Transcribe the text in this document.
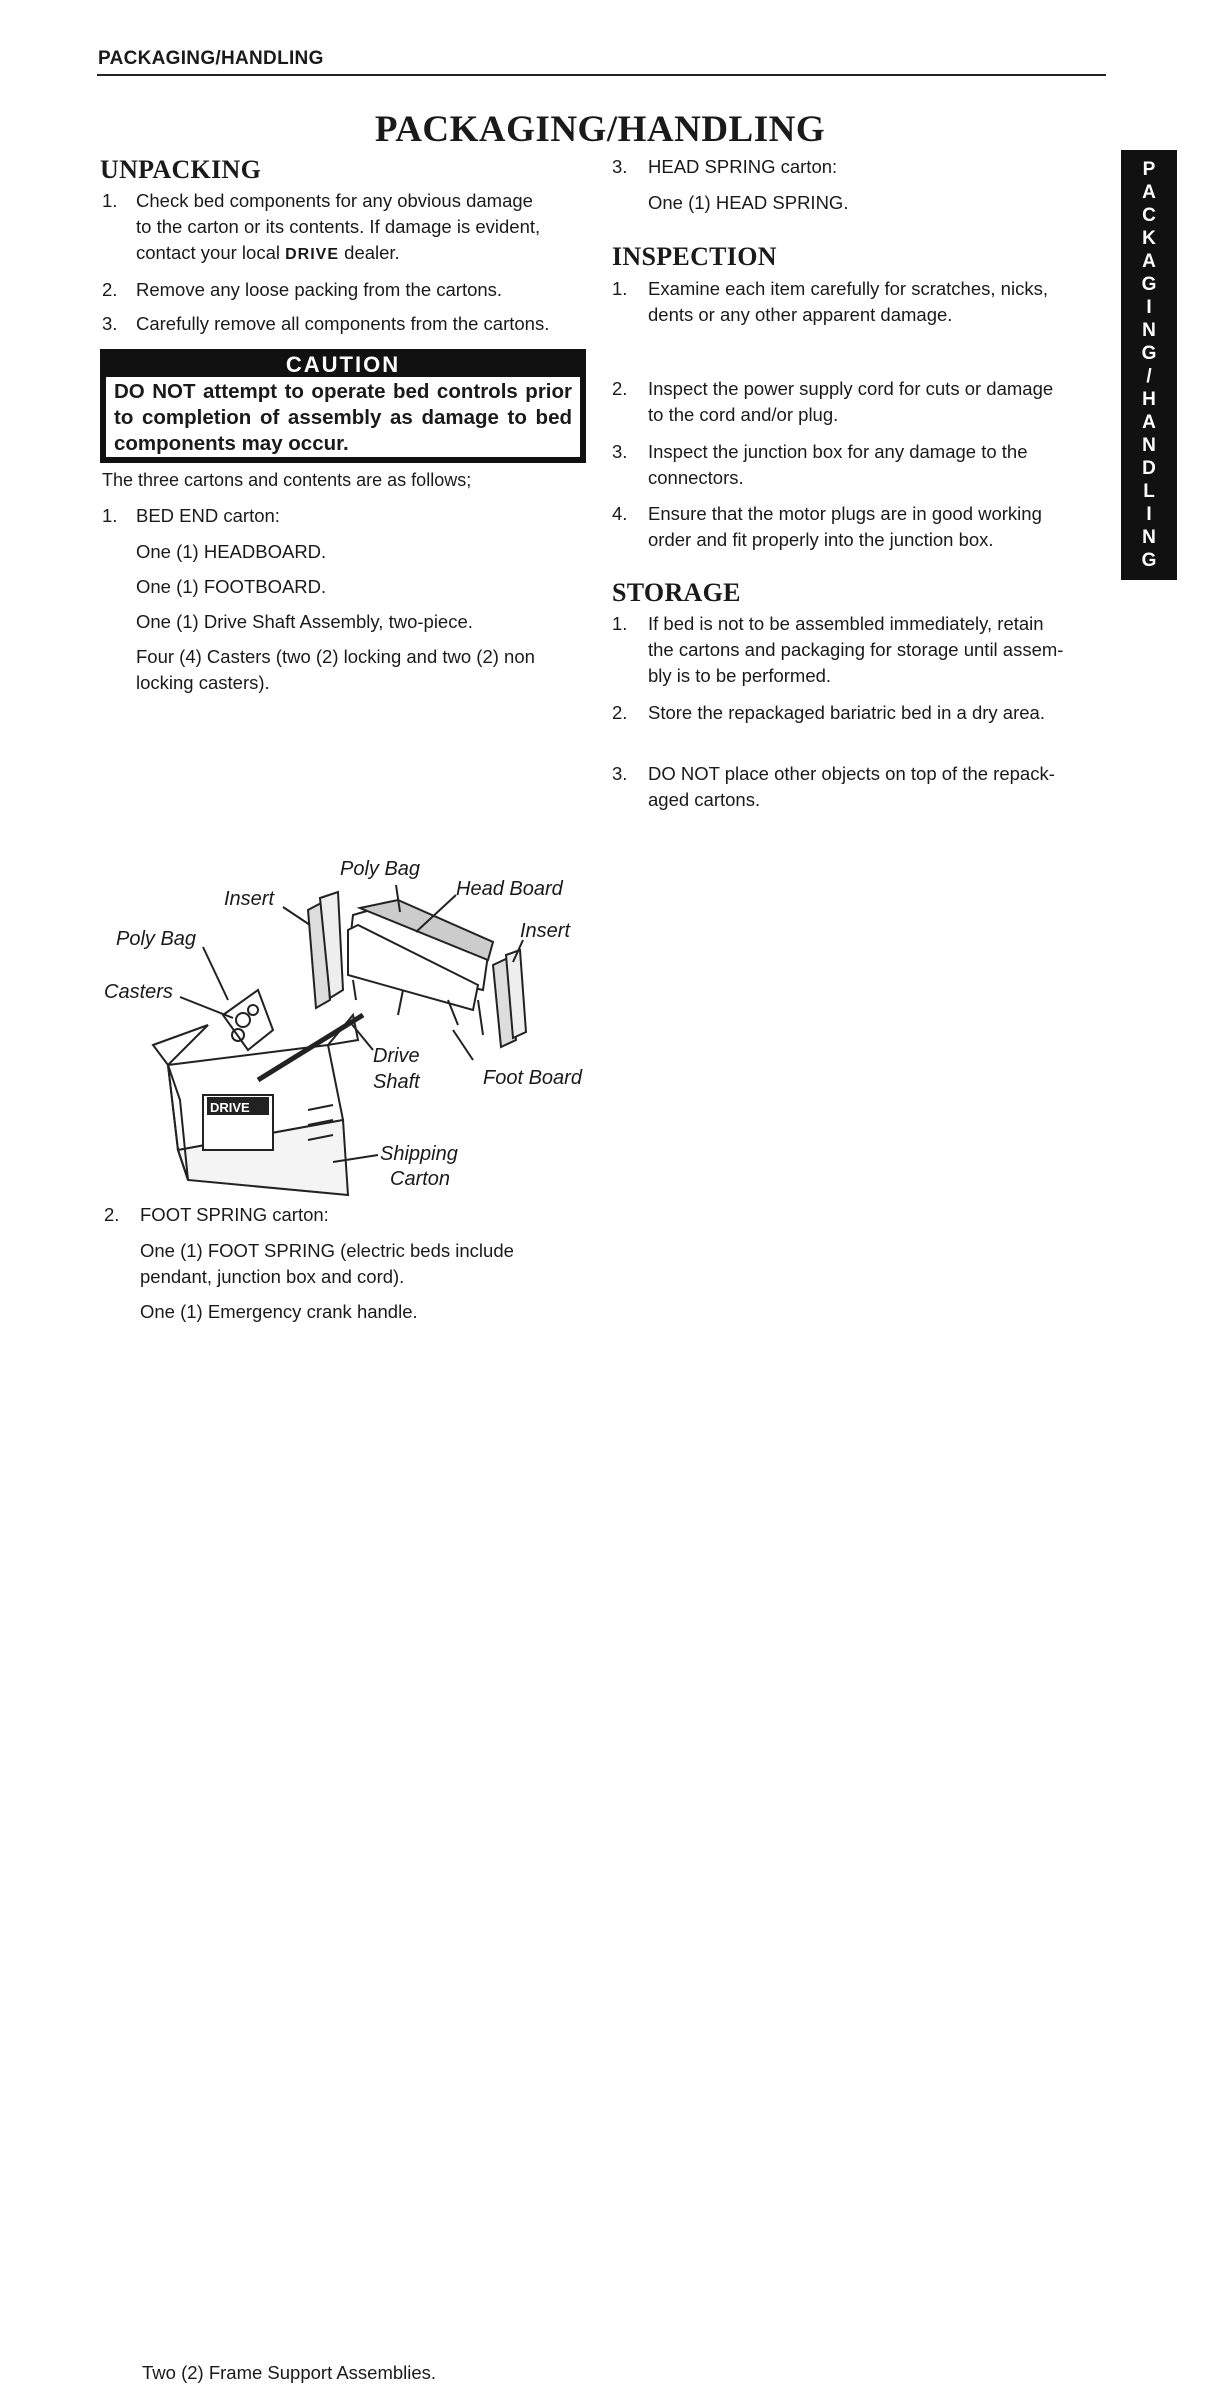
PACKAGING/HANDLING
PACKAGING/HANDLING
P
A
C
K
A
G
I
N
G
/
H
A
N
D
L
I
N
G
UNPACKING
1. Check bed components for any obvious damage
to the carton or its contents. If damage is evident,
contact your local DRIVE dealer.
2. Remove any loose packing from the cartons.
3. Carefully remove all components from the cartons.
CAUTION
DO NOT attempt to operate bed controls prior to completion of assembly as damage to bed components may occur.
The three cartons and contents are as follows;
1. BED END carton:
One (1) HEADBOARD.
One (1) FOOTBOARD.
One (1) Drive Shaft Assembly, two-piece.
Four (4) Casters (two (2) locking and two (2) non
locking casters).
DRIVE
Poly Bag
Insert	Head Board
Insert
Poly Bag
Casters
Drive
Shaft	Foot Board
Shipping
Carton
2. FOOT SPRING carton:
One (1) FOOT SPRING (electric beds include
pendant, junction box and cord).
One (1) Emergency crank handle.
Two (2) Frame Support Assemblies.
3. HEAD SPRING carton:
One (1) HEAD SPRING.
INSPECTION
1. Examine each item carefully for scratches, nicks,
dents or any other apparent damage.
2. Inspect the power supply cord for cuts or damage
to the cord and/or plug.
3. Inspect the junction box for any damage to the
connectors.
4. Ensure that the motor plugs are in good working
order and fit properly into the junction box.
STORAGE
1. If bed is not to be assembled immediately, retain
the cartons and packaging for storage until assem-
bly is to be performed.
2. Store the repackaged bariatric bed in a dry area.
3. DO NOT place other objects on top of the repack-
aged cartons.
